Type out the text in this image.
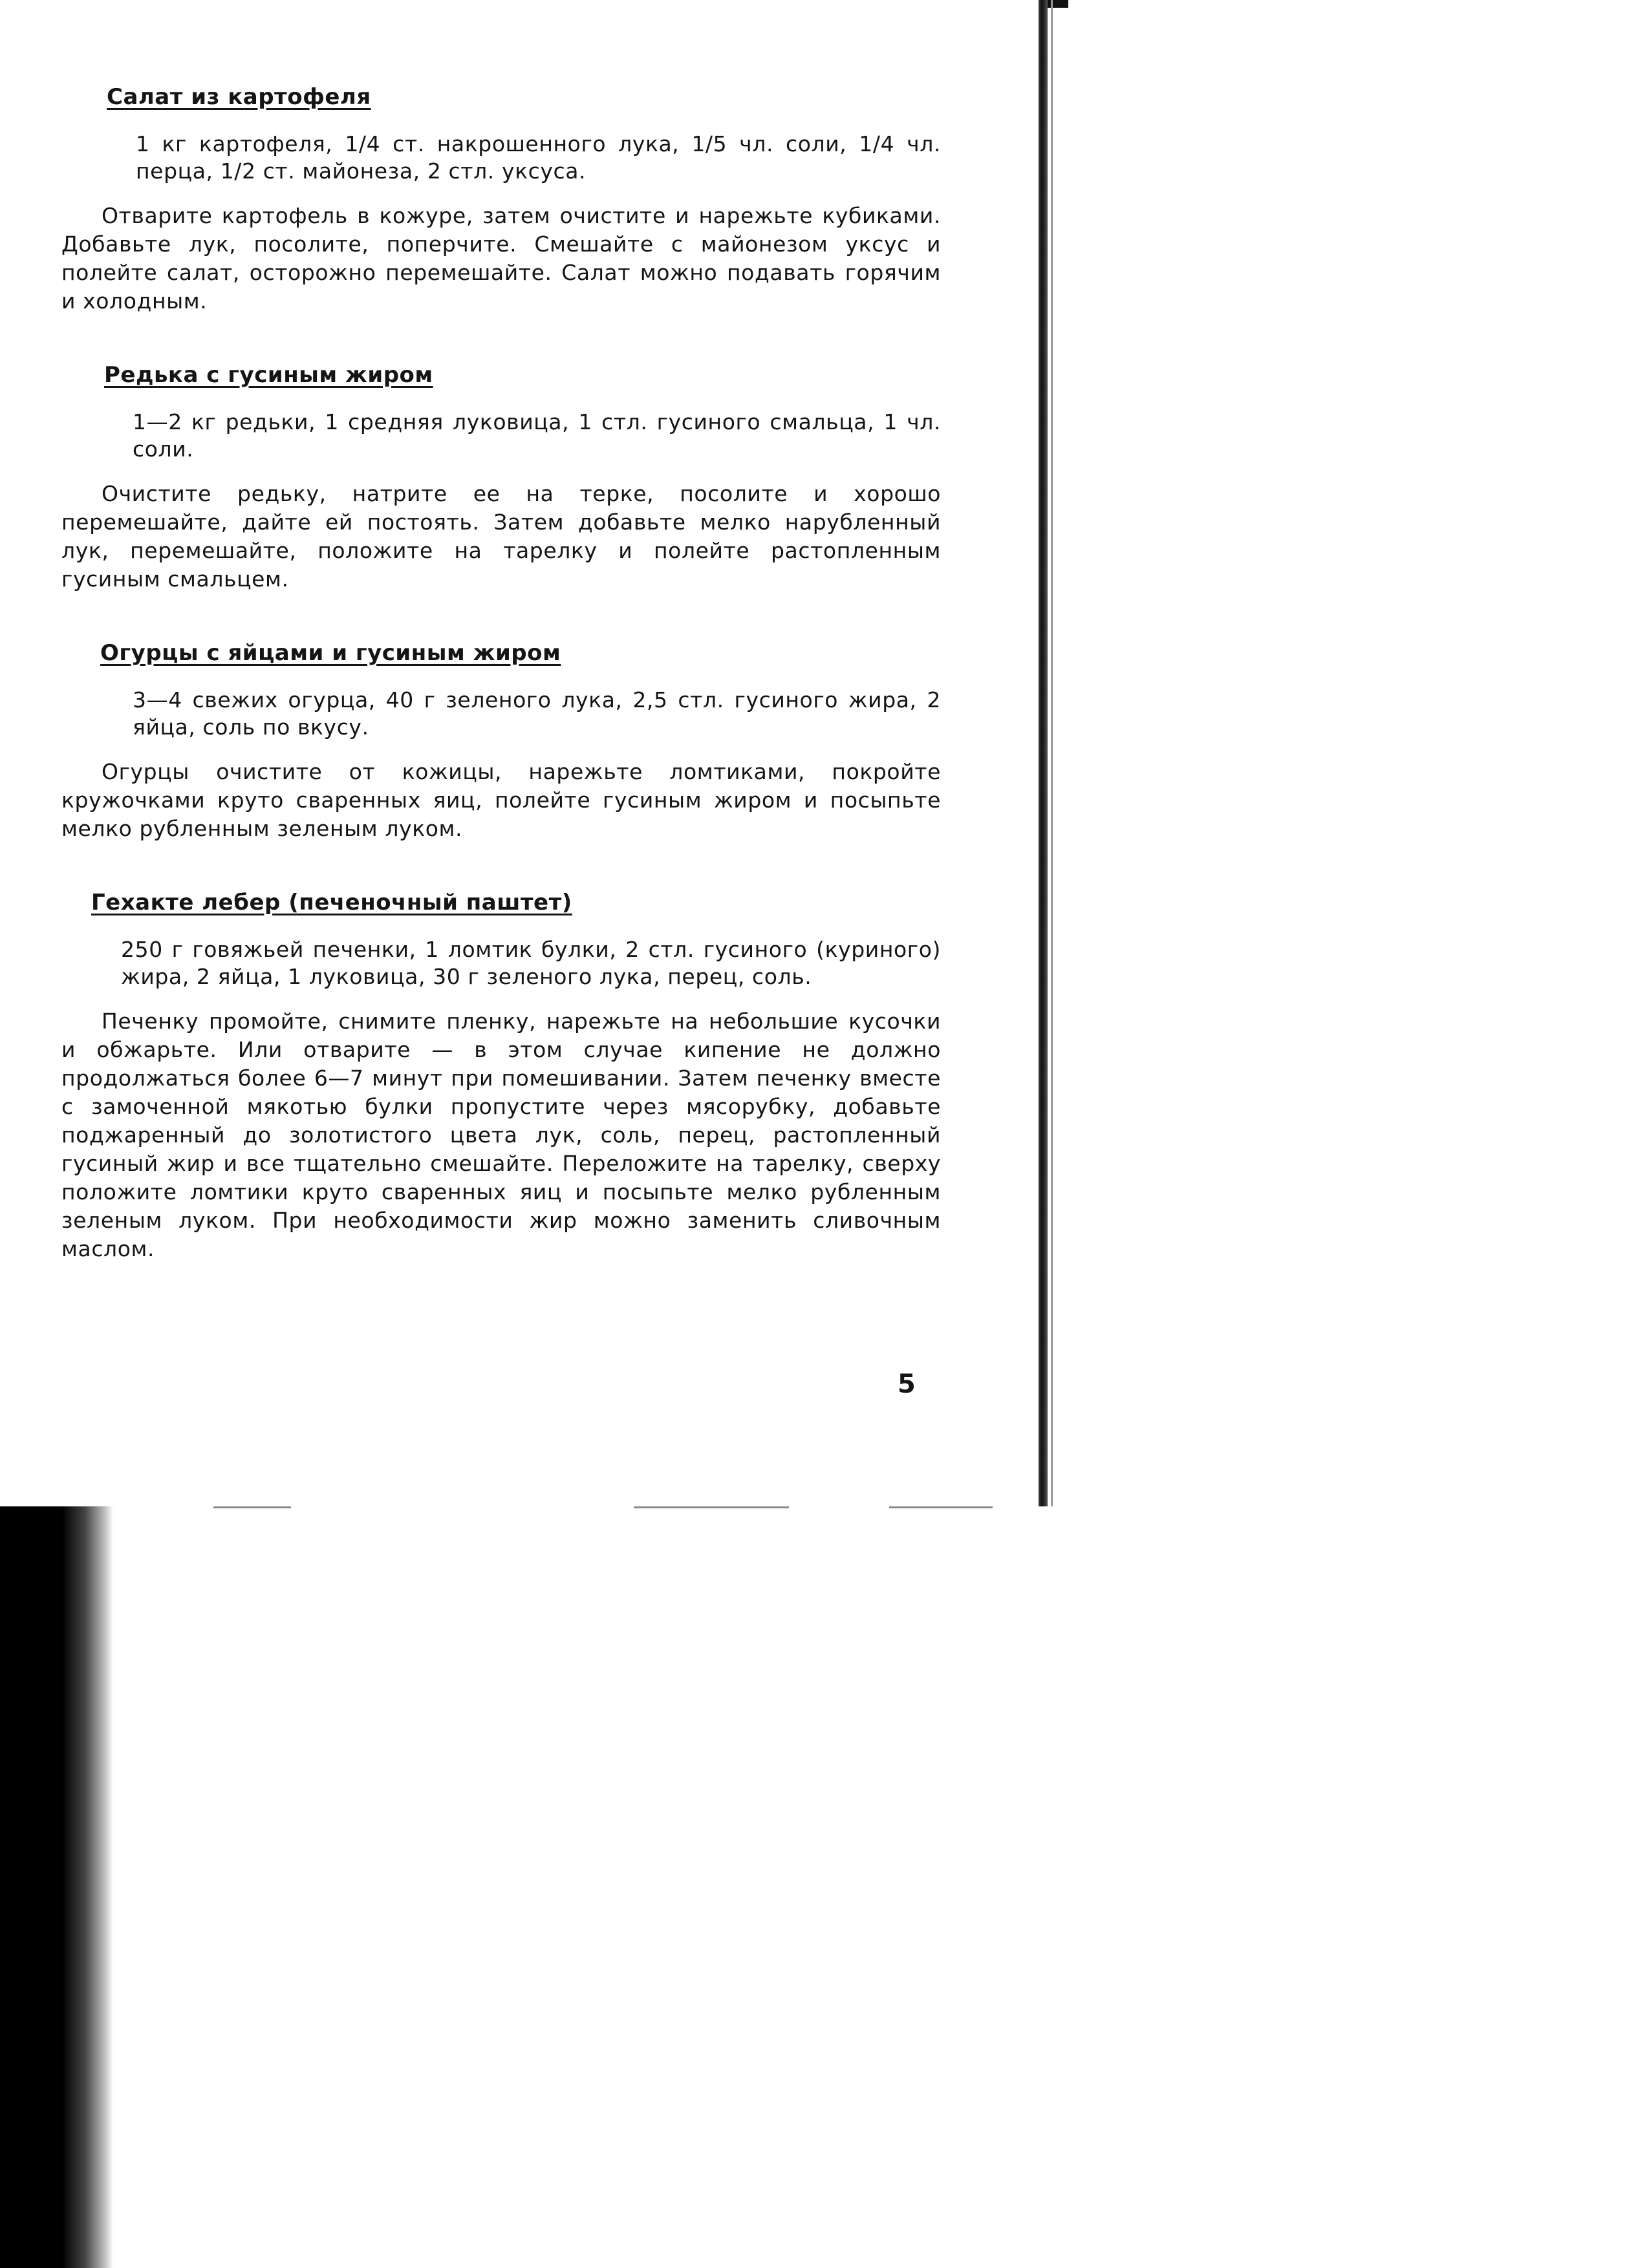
Салат из картофеля

1 кг картофеля, 1/4 ст. накрошенного лука, 1/5 чл. соли, 1/4 чл. перца, 1/2 ст. майонеза, 2 стл. уксуса.

Отварите картофель в кожуре, затем очистите и нарежьте кубиками. Добавьте лук, посолите, поперчите. Смешайте с майонезом уксус и полейте салат, осторожно перемешайте. Салат можно подавать горячим и холодным.

Редька с гусиным жиром

1—2 кг редьки, 1 средняя луковица, 1 стл. гусиного смальца, 1 чл. соли.

Очистите редьку, натрите ее на терке, посолите и хорошо перемешайте, дайте ей постоять. Затем добавьте мелко нарубленный лук, перемешайте, положите на тарелку и полейте растопленным гусиным смальцем.

Огурцы с яйцами и гусиным жиром

3—4 свежих огурца, 40 г зеленого лука, 2,5 стл. гусиного жира, 2 яйца, соль по вкусу.

Огурцы очистите от кожицы, нарежьте ломтиками, покройте кружочками круто сваренных яиц, полейте гусиным жиром и посыпьте мелко рубленным зеленым луком.

Гехакте лебер (печеночный паштет)

250 г говяжьей печенки, 1 ломтик булки, 2 стл. гусиного (куриного) жира, 2 яйца, 1 луковица, 30 г зеленого лука, перец, соль.

Печенку промойте, снимите пленку, нарежьте на небольшие кусочки и обжарьте. Или отварите — в этом случае кипение не должно продолжаться более 6—7 минут при помешивании. Затем печенку вместе с замоченной мякотью булки пропустите через мясорубку, добавьте поджаренный до золотистого цвета лук, соль, перец, растопленный гусиный жир и все тщательно смешайте. Переложите на тарелку, сверху положите ломтики круто сваренных яиц и посыпьте мелко рубленным зеленым луком. При необходимости жир можно заменить сливочным маслом.

5
